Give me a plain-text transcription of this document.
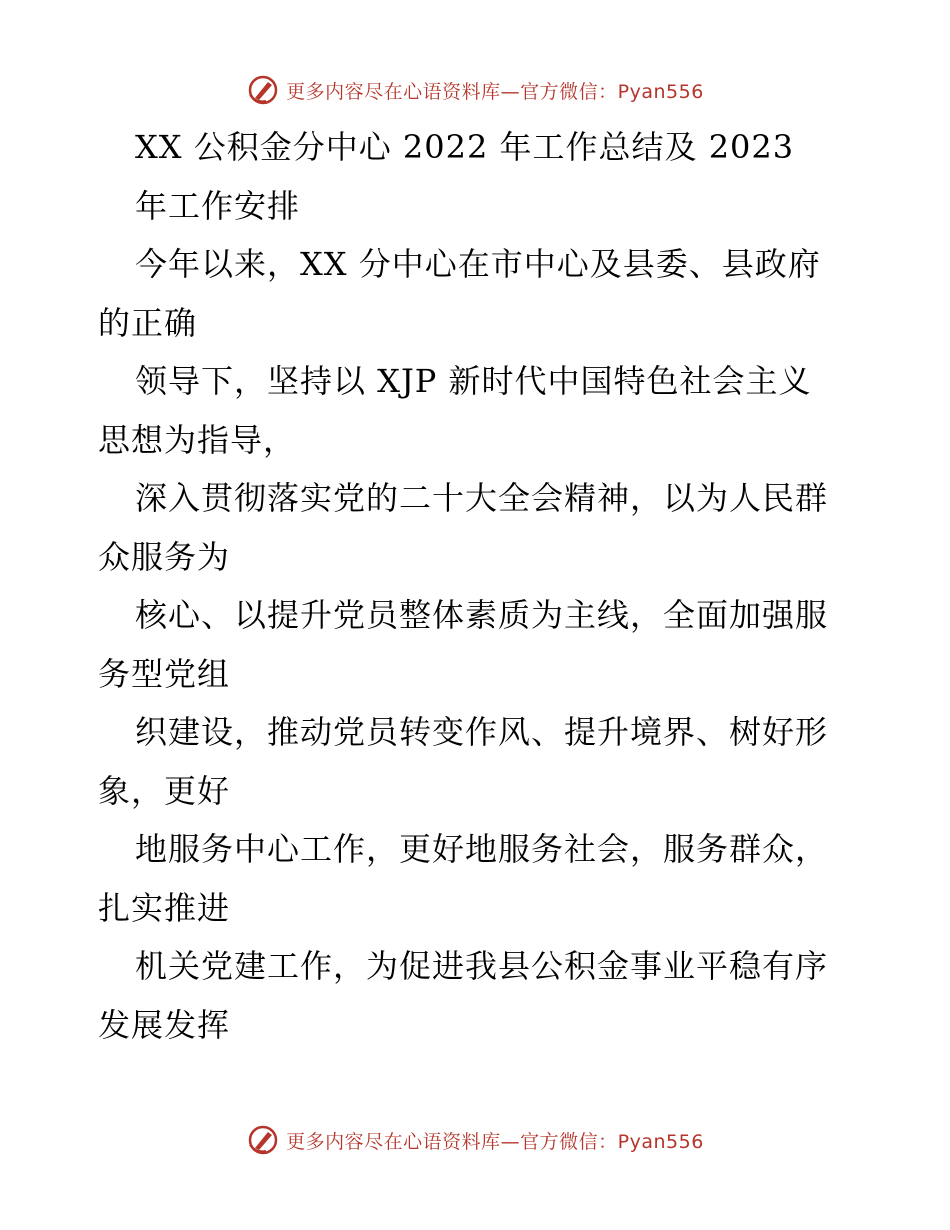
更多内容尽在心语资料库—官方微信：Pyan556
XX 公积金分中心 2022 年工作总结及 2023
年工作安排
今年以来，XX 分中心在市中心及县委、县政府
的正确
领导下，坚持以 XJP 新时代中国特色社会主义
思想为指导，
深入贯彻落实党的二十大全会精神，以为人民群
众服务为
核心、以提升党员整体素质为主线，全面加强服
务型党组
织建设，推动党员转变作风、提升境界、树好形
象，更好
地服务中心工作，更好地服务社会，服务群众，
扎实推进
机关党建工作，为促进我县公积金事业平稳有序
发展发挥
更多内容尽在心语资料库—官方微信：Pyan556
